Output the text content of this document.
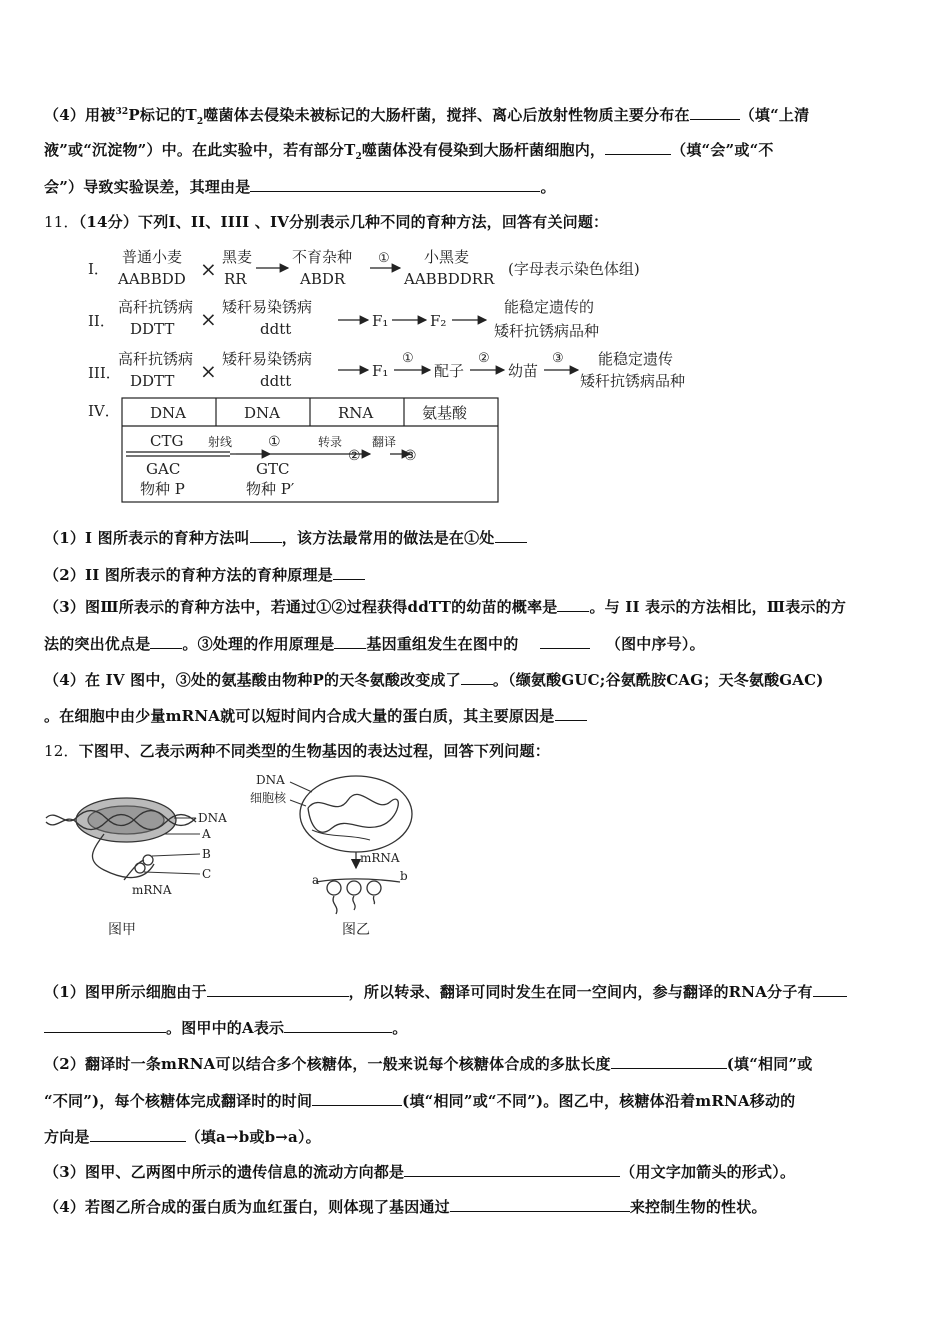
（4）用被$^{32}$P标记的$T_2$噬菌体去侵染未被标记的大肠杆菌，搅拌、离心后放射性物质主要分布在	（填“上清
液”或“沉淀物”）中。在此实验中，若有部分$T_2$噬菌体没有侵染到大肠杆菌细胞内，	（填“会”或“不
会”）导致实验误差，其理由是	。
11．（14分）下列I、II、IIII 、IV分别表示几种不同的育种方法，回答有关问题：
I．
普通小麦
AABBDD × 黑麦
RR
不育杂种
ABDR
① 小黑麦
AABBDDRR
(字母表示染色体组)
II．
高秆抗锈病
DDTT × 矮秆易染锈病
ddtt	F₁	F₂
能稳定遗传的
矮秆抗锈病品种
III．
高秆抗锈病
DDTT × 矮秆易染锈病
ddtt
F₁
①
配子
②
幼苗
③ 能稳定遗传
矮秆抗锈病品种
IV． DNA	DNA	RNA	氨基酸
CTG 射线	①	转录
②
翻译
③
GAC
物种 P
GTC
物种 P′
（1）I 图所表示的育种方法叫 ，该方法最常用的做法是在①处
（2）II 图所表示的育种方法的育种原理是
（3）图Ⅲ所表示的育种方法中，若通过①②过程获得ddTT的幼苗的概率是 。与 II 表示的方法相比，Ⅲ表示的方
法的突出优点是 。③处理的作用原理是 基因重组发生在图中的	（图中序号）。
（4）在 IV 图中，③处的氨基酸由物种P的天冬氨酸改变成了 。（缬氨酸GUC;谷氨酰胺CAG；天冬氨酸GAC)
。在细胞中由少量mRNA就可以短时间内合成大量的蛋白质，其主要原因是
12．下图甲、乙表示两种不同类型的生物基因的表达过程，回答下列问题：
DNA
A
B
C
mRNA
图甲
DNA
细胞核
mRNA
a	b
图乙
（1）图甲所示细胞由于	，所以转录、翻译可同时发生在同一空间内，参与翻译的RNA分子有
。图甲中的A表示	。
（2）翻译时一条mRNA可以结合多个核糖体，一般来说每个核糖体合成的多肽长度	(填“相同”或
“不同”)，每个核糖体完成翻译时的时间	(填“相同”或“不同”)。图乙中，核糖体沿着mRNA移动的
方向是	（填a→b或b→a）。
（3）图甲、乙两图中所示的遗传信息的流动方向都是	（用文字加箭头的形式）。
（4）若图乙所合成的蛋白质为血红蛋白，则体现了基因通过	来控制生物的性状。
